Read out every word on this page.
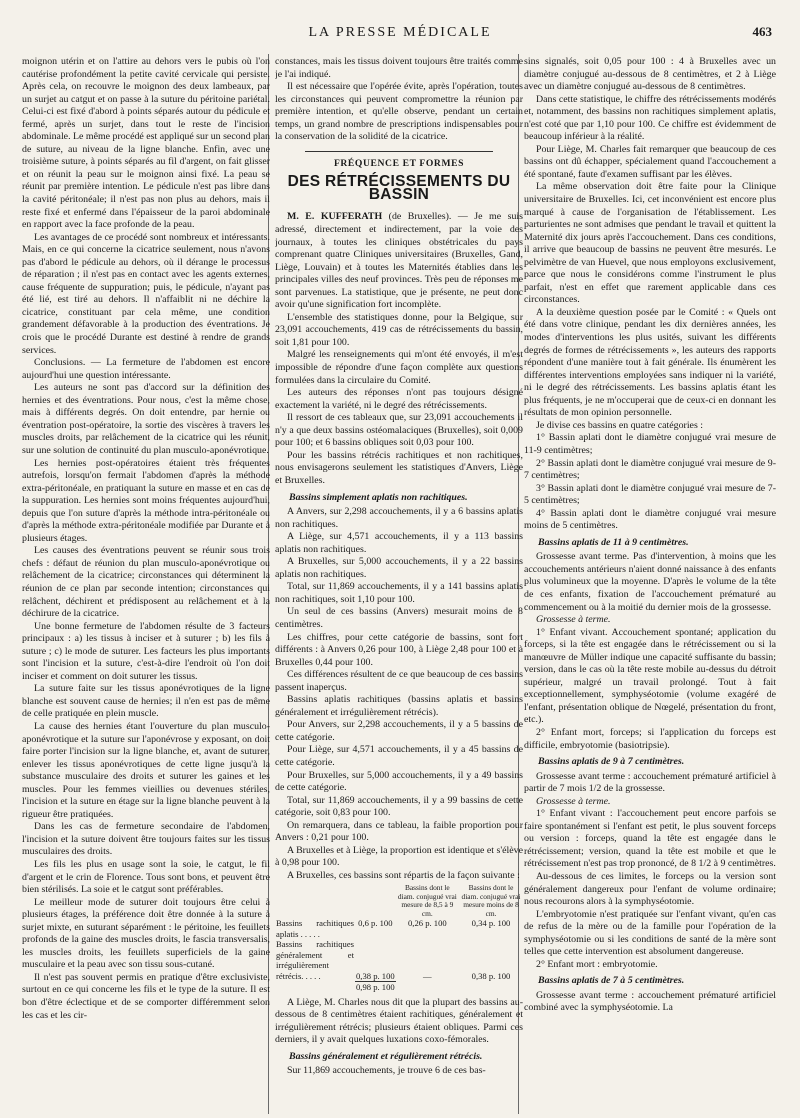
LA PRESSE MÉDICALE	463

moignon utérin et on l'attire au dehors vers le pubis où l'on cautérise profondément la petite cavité cervicale qui persiste. Après cela, on recouvre le moignon des deux lambeaux, par un surjet au catgut et on passe à la suture du péritoine pariétal. Celui-ci est fixé d'abord à points séparés autour du pédicule et fermé, après un surjet, dans tout le reste de l'incision abdominale. Le même procédé est appliqué sur un second plan de suture, au niveau de la ligne blanche. Enfin, avec une troisième suture, à points séparés au fil d'argent, on fait glisser et on réunit la peau sur le moignon ainsi fixé. La peau se réunit par première intention. Le pédicule n'est pas libre dans la cavité péritonéale; il n'est pas non plus au dehors, mais il reste fixé et enfermé dans l'épaisseur de la paroi abdominale en rapport avec la face profonde de la peau.

Les avantages de ce procédé sont nombreux et intéressants. Mais, en ce qui concerne la cicatrice seulement, nous n'avons pas d'abord le pédicule au dehors, où il dérange le processus de réparation ; il n'est pas en contact avec les agents externes, cause fréquente de suppuration; puis, le pédicule, n'ayant pas été lié, est tiré au dehors. Il n'affaiblit ni ne déchire la cicatrice, constituant par cela même, une condition grandement défavorable à la production des éventrations. Je crois que le procédé Durante est destiné à rendre de grands services.

Conclusions. — La fermeture de l'abdomen est encore aujourd'hui une question intéressante.

Les auteurs ne sont pas d'accord sur la définition des hernies et des éventrations. Pour nous, c'est la même chose, mais à différents degrés. On doit entendre, par hernie ou éventration post-opératoire, la sortie des viscères à travers les muscles droits, par relâchement de la cicatrice qui les réunit, sur une solution de continuité du plan musculo-aponévrotique.

Les hernies post-opératoires étaient très fréquentes autrefois, lorsqu'on fermait l'abdomen d'après la méthode extra-péritonéale, en pratiquant la suture en masse et en cas de la suppuration. Les hernies sont moins fréquentes aujourd'hui, depuis que l'on suture d'après la méthode intra-péritonéale ou d'après la méthode extra-péritonéale modifiée par Durante et à plusieurs étages.

Les causes des éventrations peuvent se réunir sous trois chefs : défaut de réunion du plan musculo-aponévrotique ou relâchement de la cicatrice; circonstances qui déterminent la réunion de ce plan par seconde intention; circonstances qui relâchent, déchirent et prédisposent au relâchement et à la déchirure de la cicatrice.

Une bonne fermeture de l'abdomen résulte de 3 facteurs principaux : a) les tissus à inciser et à suturer ; b) les fils à suture ; c) le mode de suturer. Les facteurs les plus importants sont l'incision et la suture, c'est-à-dire l'endroit où l'on doit inciser et comment on doit suturer les tissus.

La suture faite sur les tissus aponévrotiques de la ligne blanche est souvent cause de hernies; il n'en est pas de même de celle pratiquée en plein muscle.

La cause des hernies étant l'ouverture du plan musculo-aponévrotique et la suture sur l'aponévrose y exposant, on doit faire porter l'incision sur la ligne blanche, et, avant de suturer, enlever les tissus aponévrotiques de cette ligne jusqu'à la substance musculaire des droits et suturer les gaines et les muscles. Pour les femmes vieillies ou devenues stériles, l'incision et la suture en étage sur la ligne blanche peuvent à la rigueur être pratiquées.

Dans les cas de fermeture secondaire de l'abdomen, l'incision et la suture doivent être toujours faites sur les tissus musculaires des droits.

Les fils les plus en usage sont la soie, le catgut, le fil d'argent et le crin de Florence. Tous sont bons, et peuvent être bien stérilisés. La soie et le catgut sont préférables.

Le meilleur mode de suturer doit toujours être celui à plusieurs étages, la préférence doit être donnée à la suture à surjet mixte, en suturant séparément : le péritoine, les feuillets profonds de la gaine des muscles droits, le fascia transversalis, les muscles droits, les feuillets superficiels de la gaine musculaire et la peau avec son tissu sous-cutané.

Il n'est pas souvent permis en pratique d'être exclusiviste, surtout en ce qui concerne les fils et le type de la suture. Il est bon d'être éclectique et de se comporter différemment selon les cas et les cir-

constances, mais les tissus doivent toujours être traités comme je l'ai indiqué.

Il est nécessaire que l'opérée évite, après l'opération, toutes les circonstances qui peuvent compromettre la réunion par première intention, et qu'elle observe, pendant un certain temps, un grand nombre de prescriptions indispensables pour la conservation de la solidité de la cicatrice.

FRÉQUENCE ET FORMES
DES RÉTRÉCISSEMENTS DU BASSIN

M. E. KUFFERATH (de Bruxelles). — Je me suis adressé, directement et indirectement, par la voie des journaux, à toutes les cliniques obstétricales du pays comprenant quatre Cliniques universitaires (Bruxelles, Gand, Liège, Louvain) et à toutes les Maternités établies dans les principales villes des neuf provinces. Très peu de réponses me sont parvenues. La statistique, que je présente, ne peut donc avoir qu'une signification fort incomplète.

L'ensemble des statistiques donne, pour la Belgique, sur 23,091 accouchements, 419 cas de rétrécissements du bassin, soit 1,81 pour 100.

Malgré les renseignements qui m'ont été envoyés, il m'est impossible de répondre d'une façon complète aux questions formulées dans la circulaire du Comité.

Les auteurs des réponses n'ont pas toujours désigné exactement la variété, ni le degré des rétrécissements.

Il ressort de ces tableaux que, sur 23,091 accouchements il n'y a que deux bassins ostéomalaciques (Bruxelles), soit 0,009 pour 100; et 6 bassins obliques soit 0,03 pour 100.

Pour les bassins rétrécis rachitiques et non rachitiques, nous envisagerons seulement les statistiques d'Anvers, Liège et Bruxelles.

Bassins simplement aplatis non rachitiques.

A Anvers, sur 2,298 accouchements, il y a 6 bassins aplatis non rachitiques.

A Liège, sur 4,571 accouchements, il y a 113 bassins aplatis non rachitiques.

A Bruxelles, sur 5,000 accouchements, il y a 22 bassins aplatis non rachitiques.

Total, sur 11,869 accouchements, il y a 141 bassins aplatis non rachitiques, soit 1,10 pour 100.

Un seul de ces bassins (Anvers) mesurait moins de 8 centimètres.

Les chiffres, pour cette catégorie de bassins, sont fort différents : à Anvers 0,26 pour 100, à Liège 2,48 pour 100 et à Bruxelles 0,44 pour 100.

Ces différences résultent de ce que beaucoup de ces bassins passent inaperçus.

Bassins aplatis rachitiques (bassins aplatis et bassins généralement et irrégulièrement rétrécis).

Pour Anvers, sur 2,298 accouchements, il y a 5 bassins de cette catégorie.

Pour Liège, sur 4,571 accouchements, il y a 45 bassins de cette catégorie.

Pour Bruxelles, sur 5,000 accouchements, il y a 49 bassins de cette catégorie.

Total, sur 11,869 accouchements, il y a 99 bassins de cette catégorie, soit 0,83 pour 100.

On remarquera, dans ce tableau, la faible proportion pour Anvers : 0,21 pour 100.

A Bruxelles et à Liège, la proportion est identique et s'élève à 0,98 pour 100.

A Bruxelles, ces bassins sont répartis de la façon suivante :

		Bassins dont le diam. conjugué vrai mesure de 8,5 à 9 cm.	Bassins dont le diam. conjugué vrai mesure moins de 8 cm.
Bassins rachitiques aplatis . . . . .	0,6 p. 100	0,26 p. 100	0,34 p. 100
Bassins rachitiques généralement et irrégulièrement rétrécis. . . . .	0,38 p. 100	—	0,38 p. 100
	0,98 p. 100		

A Liège, M. Charles nous dit que la plupart des bassins au-dessous de 8 centimètres étaient rachitiques, généralement et irrégulièrement rétrécis; plusieurs étaient obliques. Parmi ces derniers, il y avait quelques luxations coxo-fémorales.

Bassins généralement et régulièrement rétrécis.

Sur 11,869 accouchements, je trouve 6 de ces bas-

sins signalés, soit 0,05 pour 100 : 4 à Bruxelles avec un diamètre conjugué au-dessous de 8 centimètres, et 2 à Liège avec un diamètre conjugué au-dessous de 8 centimètres.

Dans cette statistique, le chiffre des rétrécissements modérés et, notamment, des bassins non rachitiques simplement aplatis, n'est coté que par 1,10 pour 100. Ce chiffre est évidemment de beaucoup inférieur à la réalité.

Pour Liège, M. Charles fait remarquer que beaucoup de ces bassins ont dû échapper, spécialement quand l'accouchement a été spontané, faute d'examen suffisant par les élèves.

La même observation doit être faite pour la Clinique universitaire de Bruxelles. Ici, cet inconvénient est encore plus marqué à cause de l'organisation de l'établissement. Les parturientes ne sont admises que pendant le travail et quittent la Maternité dix jours après l'accouchement. Dans ces conditions, il arrive que beaucoup de bassins ne peuvent être mesurés. Le pelvimètre de van Huevel, que nous employons exclusivement, parce que nous le considérons comme l'instrument le plus parfait, n'est en effet que rarement applicable dans ces circonstances.

A la deuxième question posée par le Comité : « Quels ont été dans votre clinique, pendant les dix dernières années, les modes d'interventions les plus usités, suivant les différents degrés de formes de rétrécissements », les auteurs des rapports répondent d'une manière tout à fait générale. Ils énumèrent les différentes interventions employées sans indiquer ni la variété, ni le degré des rétrécissements. Les bassins aplatis étant les plus fréquents, je ne m'occuperai que de ceux-ci en donnant les résultats de mon opinion personnelle.

Je divise ces bassins en quatre catégories :

1° Bassin aplati dont le diamètre conjugué vrai mesure de 11-9 centimètres;

2° Bassin aplati dont le diamètre conjugué vrai mesure de 9-7 centimètres;

3° Bassin aplati dont le diamètre conjugué vrai mesure de 7-5 centimètres;

4° Bassin aplati dont le diamètre conjugué vrai mesure moins de 5 centimètres.

Bassins aplatis de 11 à 9 centimètres.

Grossesse avant terme. Pas d'intervention, à moins que les accouchements antérieurs n'aient donné naissance à des enfants plus volumineux que la moyenne. D'après le volume de la tête de ces enfants, fixation de l'accouchement prématuré au commencement ou à la moitié du dernier mois de la grossesse.

Grossesse à terme.

1° Enfant vivant. Accouchement spontané; application du forceps, si la tête est engagée dans le rétrécissement ou si la manœuvre de Müller indique une capacité suffisante du bassin; version, dans le cas où la tête reste mobile au-dessus du détroit supérieur, malgré un travail prolongé. Tout à fait exceptionnellement, symphyséotomie (volume exagéré de l'enfant, présentation oblique de Nœgelé, présentation du front, etc.).

2° Enfant mort, forceps; si l'application du forceps est difficile, embryotomie (basiotripsie).

Bassins aplatis de 9 à 7 centimètres.

Grossesse avant terme : accouchement prématuré artificiel à partir de 7 mois 1/2 de la grossesse.

Grossesse à terme.

1° Enfant vivant : l'accouchement peut encore parfois se faire spontanément si l'enfant est petit, le plus souvent forceps ou version : forceps, quand la tête est engagée dans le rétrécissement; version, quand la tête est mobile et que le rétrécissement n'est pas trop prononcé, de 8 1/2 à 9 centimètres.

Au-dessous de ces limites, le forceps ou la version sont généralement dangereux pour l'enfant de volume ordinaire; nous recourons alors à la symphyséotomie.

L'embryotomie n'est pratiquée sur l'enfant vivant, qu'en cas de refus de la mère ou de la famille pour l'opération de la symphyséotomie ou si les conditions de santé de la mère sont telles que cette intervention est absolument dangereuse.

2° Enfant mort : embryotomie.

Bassins aplatis de 7 à 5 centimètres.

Grossesse avant terme : accouchement prématuré artificiel combiné avec la symphyséotomie. La
